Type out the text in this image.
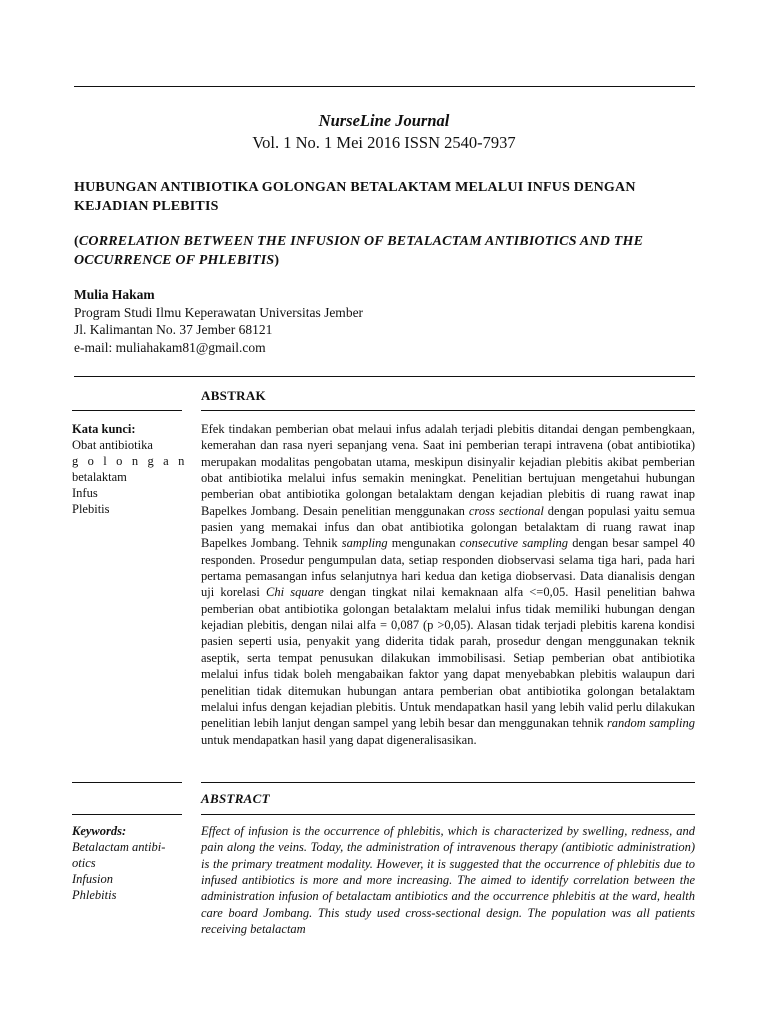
NurseLine Journal
Vol. 1 No. 1 Mei 2016 ISSN 2540-7937
HUBUNGAN ANTIBIOTIKA GOLONGAN BETALAKTAM MELALUI INFUS DENGAN KEJADIAN PLEBITIS
(CORRELATION BETWEEN THE INFUSION OF BETALACTAM ANTIBIOTICS AND THE OCCURRENCE OF PHLEBITIS)
Mulia Hakam
Program Studi Ilmu Keperawatan Universitas Jember
Jl. Kalimantan No. 37 Jember 68121
e-mail: muliahakam81@gmail.com
ABSTRAK
Kata kunci:
Obat antibiotika
golongan
betalaktam
Infus
Plebitis
Efek tindakan pemberian obat melaui infus adalah terjadi plebitis ditandai dengan pembengkaan, kemerahan dan rasa nyeri sepanjang vena. Saat ini pemberian terapi intravena (obat antibiotika) merupakan modalitas pengobatan utama, meskipun disinyalir kejadian plebitis akibat pemberian obat antibiotika melalui infus semakin meningkat. Penelitian bertujuan mengetahui hubungan pemberian obat antibiotika golongan betalaktam dengan kejadian plebitis di ruang rawat inap Bapelkes Jombang. Desain penelitian menggunakan cross sectional dengan populasi yaitu semua pasien yang memakai infus dan obat antibiotika golongan betalaktam di ruang rawat inap Bapelkes Jombang. Tehnik sampling mengunakan consecutive sampling dengan besar sampel 40 responden. Prosedur pengumpulan data, setiap responden diobservasi selama tiga hari, pada hari pertama pemasangan infus selanjutnya hari kedua dan ketiga diobservasi. Data dianalisis dengan uji korelasi Chi square dengan tingkat nilai kemaknaan alfa <=0,05. Hasil penelitian bahwa pemberian obat antibiotika golongan betalaktam melalui infus tidak memiliki hubungan dengan kejadian plebitis, dengan nilai alfa = 0,087 (p >0,05). Alasan tidak terjadi plebitis karena kondisi pasien seperti usia, penyakit yang diderita tidak parah, prosedur dengan menggunakan teknik aseptik, serta tempat penusukan dilakukan immobilisasi. Setiap pemberian obat antibiotika melalui infus tidak boleh mengabaikan faktor yang dapat menyebabkan plebitis walaupun dari penelitian tidak ditemukan hubungan antara pemberian obat antibiotika golongan betalaktam melalui infus dengan kejadian plebitis. Untuk mendapatkan hasil yang lebih valid perlu dilakukan penelitian lebih lanjut dengan sampel yang lebih besar dan menggunakan tehnik random sampling untuk mendapatkan hasil yang dapat digeneralisasikan.
ABSTRACT
Keywords:
Betalactam antibi-
otics
Infusion
Phlebitis
Effect of infusion is the occurrence of phlebitis, which is characterized by swelling, redness, and pain along the veins. Today, the administration of intravenous therapy (antibiotic administration) is the primary treatment modality. However, it is suggested that the occurrence of phlebitis due to infused antibiotics is more and more increasing. The aimed to identify correlation between the administration infusion of betalactam antibiotics and the occurrence phlebitis at the ward, health care board Jombang. This study used cross-sectional design. The population was all patients receiving betalactam
